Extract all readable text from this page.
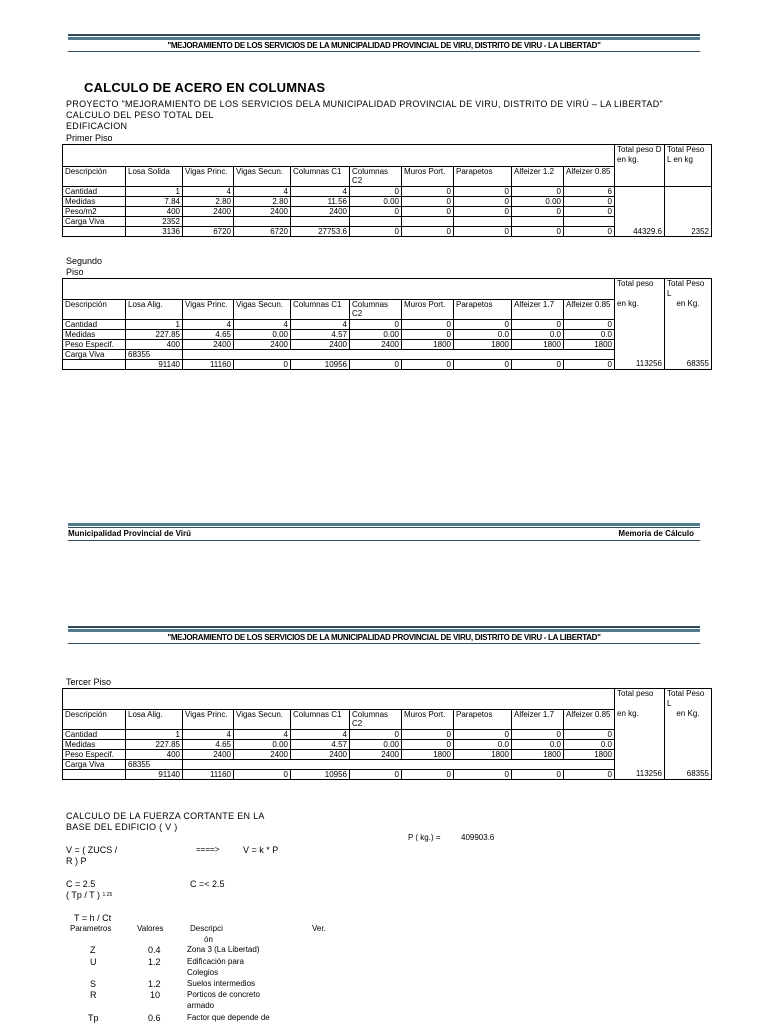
"MEJORAMIENTO DE LOS SERVICIOS DE LA MUNICIPALIDAD PROVINCIAL DE VIRU, DISTRITO DE VIRU - LA LIBERTAD"
CALCULO DE ACERO EN COLUMNAS
PROYECTO "MEJORAMIENTO DE LOS SERVICIOS DELA MUNICIPALIDAD PROVINCIAL DE VIRU, DISTRITO DE VIRÚ – LA LIBERTAD"
CALCULO DEL PESO TOTAL DEL
EDIFICACION
Primer Piso
										Total peso D en kg.	Total Peso L en kg
Descripción	Losa Solida	Vigas Princ.	Vigas Secun.	Columnas C1	Columnas C2	Muros Port.	Parapetos	Alfeizer 1.2	Alfeizer 0.85		
Cantidad	1	4	4	4	0	0	0	0	6		
Medidas	7.84	2.80	2.80	11.56	0.00	0	0	0.00	0		
Peso/m2	400	2400	2400	2400	0	0	0	0	0		
Carga Viva	2352										
	3136	6720	6720	27753.6	0	0	0	0	0	44329.6	2352
Segundo
Piso
										Total peso	Total Peso L
Descripción	Losa Alig.	Vigas Princ.	Vigas Secun.	Columnas C1	Columnas C2	Muros Port.	Parapetos	Alfeizer 1.7	Alfeizer 0.85	en kg.	en Kg.
Cantidad	1	4	4	4	0	0	0	0	0		
Medidas	227.85	4.65	0.00	4.57	0.00	0	0.0	0.0	0.0		
Peso Especif.	400	2400	2400	2400	2400	1800	1800	1800	1800		
Carga Viva	68355										
	91140	11160	0	10956	0	0	0	0	0	113256	68355
Municipalidad Provincial de Virú	Memoria de Cálculo
"MEJORAMIENTO DE LOS SERVICIOS DE LA MUNICIPALIDAD PROVINCIAL DE VIRU, DISTRITO DE VIRU - LA LIBERTAD"
Tercer Piso
										Total peso	Total Peso L
Descripción	Losa Alig.	Vigas Princ.	Vigas Secun.	Columnas C1	Columnas C2	Muros Port.	Parapetos	Alfeizer 1.7	Alfeizer 0.85	en kg.	en Kg.
Cantidad	1	4	4	4	0	0	0	0	0		
Medidas	227.85	4.65	0.00	4.57	0.00	0	0.0	0.0	0.0		
Peso Especif.	400	2400	2400	2400	2400	1800	1800	1800	1800		
Carga Viva	68355										
	91140	11160	0	10956	0	0	0	0	0	113256	68355
CALCULO DE LA FUERZA CORTANTE EN LA
BASE DEL EDIFICIO ( V )
P ( kg.) =	409903.6
V = ( ZUCS /
R ) P
====>	V = k * P
C = 2.5
( Tp / T ) $^{1.25}$
C =< 2.5
T = h / Ct
Parametros	Valores	Descripci
ón
Ver.
Z	0.4	Zona 3 (La Libertad)
U	1.2	Edificación para
Colegios
S	1.2	Suelos intermedios
R	10	Porticos de concreto
armado
Tp	0.6	Factor que depende de
